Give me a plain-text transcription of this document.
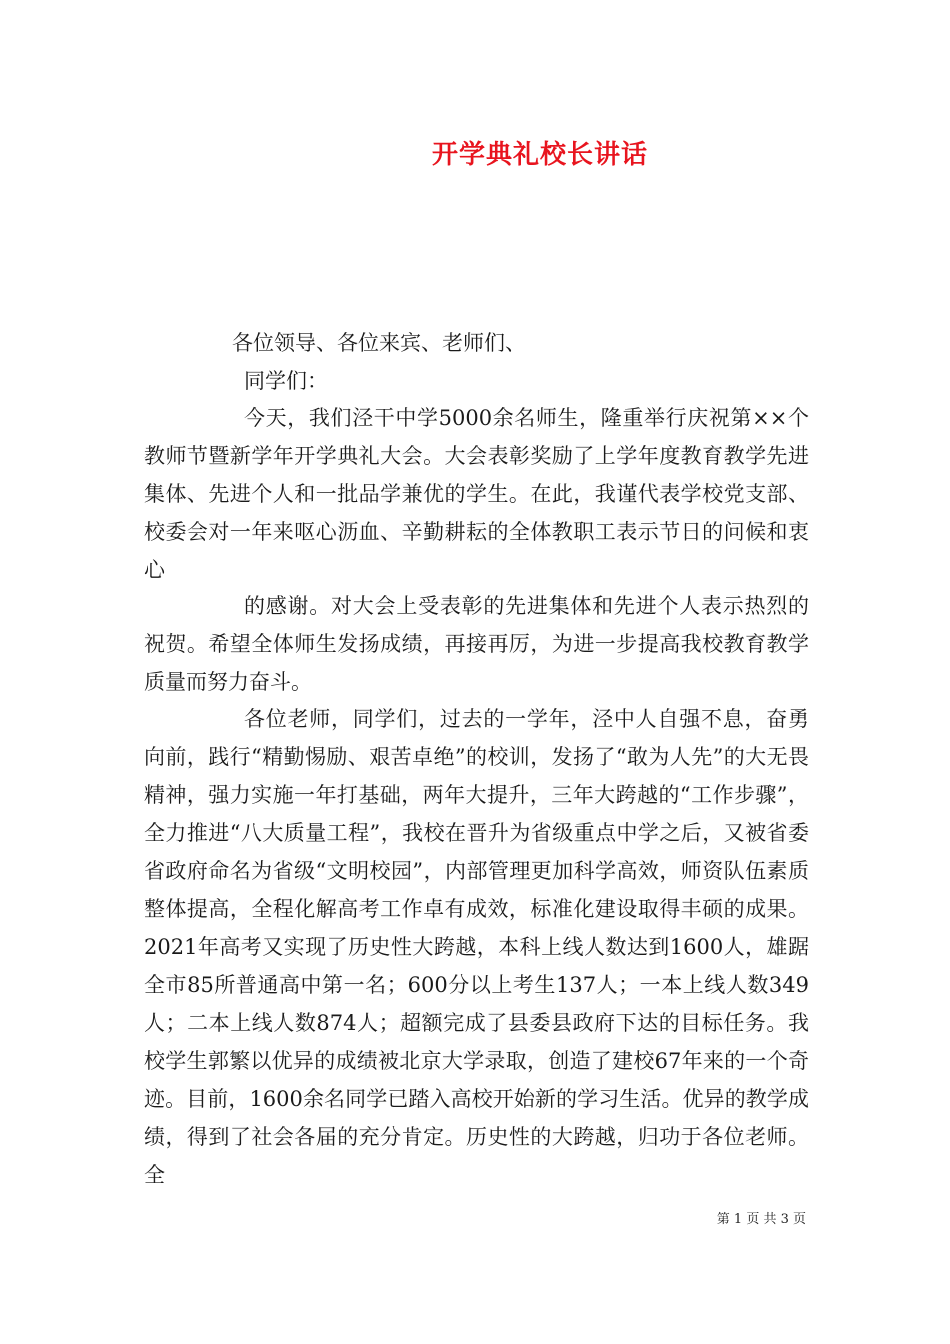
开学典礼校长讲话
各位领导、各位来宾、老师们、
同学们：
今天，我们泾干中学5000余名师生，隆重举行庆祝第××个教师节暨新学年开学典礼大会。大会表彰奖励了上学年度教育教学先进集体、先进个人和一批品学兼优的学生。在此，我谨代表学校党支部、校委会对一年来呕心沥血、辛勤耕耘的全体教职工表示节日的问候和衷心
的感谢。对大会上受表彰的先进集体和先进个人表示热烈的祝贺。希望全体师生发扬成绩，再接再厉，为进一步提高我校教育教学质量而努力奋斗。
各位老师，同学们，过去的一学年，泾中人自强不息，奋勇向前，践行“精勤惕励、艰苦卓绝”的校训，发扬了“敢为人先”的大无畏精神，强力实施一年打基础，两年大提升，三年大跨越的“工作步骤”，全力推进“八大质量工程”，我校在晋升为省级重点中学之后，又被省委省政府命名为省级“文明校园”，内部管理更加科学高效，师资队伍素质整体提高，全程化解高考工作卓有成效，标准化建设取得丰硕的成果。2021年高考又实现了历史性大跨越，本科上线人数达到1600人，雄踞全市85所普通高中第一名；600分以上考生137人；一本上线人数349人；二本上线人数874人；超额完成了县委县政府下达的目标任务。我校学生郭繁以优异的成绩被北京大学录取，创造了建校67年来的一个奇迹。目前，1600余名同学已踏入高校开始新的学习生活。优异的教学成绩，得到了社会各届的充分肯定。历史性的大跨越，归功于各位老师。全
第 1 页 共 3 页
